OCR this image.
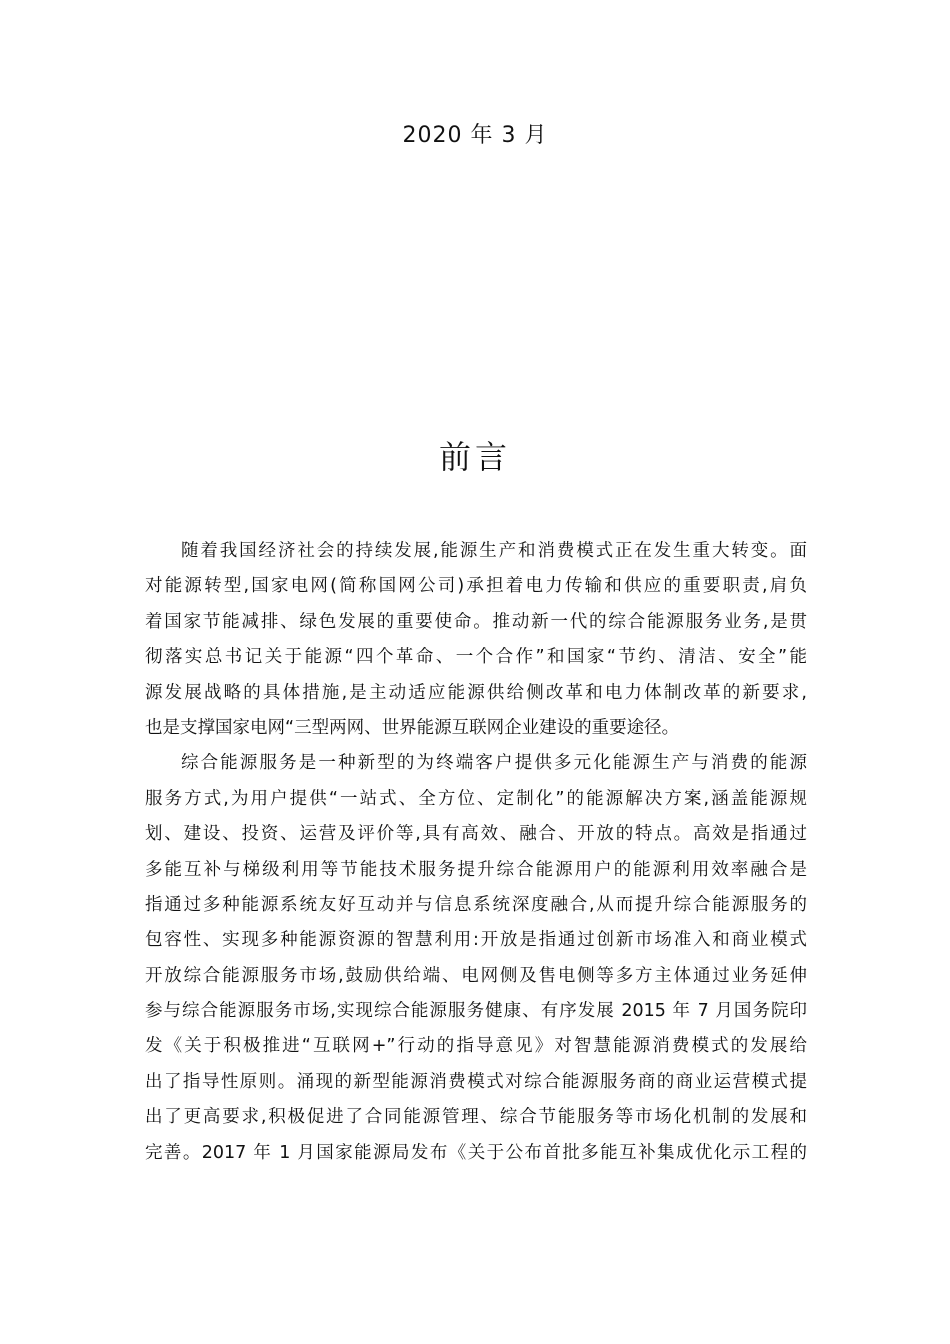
2020 年 3 月
前言
随着我国经济社会的持续发展,能源生产和消费模式正在发生重大转变。面
对能源转型,国家电网(简称国网公司)承担着电力传输和供应的重要职责,肩负
着国家节能减排、绿色发展的重要使命。推动新一代的综合能源服务业务,是贯
彻落实总书记关于能源“四个革命、一个合作”和国家“节约、清洁、安全”能
源发展战略的具体措施,是主动适应能源供给侧改革和电力体制改革的新要求,
也是支撑国家电网“三型两网、世界能源互联网企业建设的重要途径。
综合能源服务是一种新型的为终端客户提供多元化能源生产与消费的能源
服务方式,为用户提供“一站式、全方位、定制化”的能源解决方案,涵盖能源规
划、建设、投资、运营及评价等,具有高效、融合、开放的特点。高效是指通过
多能互补与梯级利用等节能技术服务提升综合能源用户的能源利用效率融合是
指通过多种能源系统友好互动并与信息系统深度融合,从而提升综合能源服务的
包容性、实现多种能源资源的智慧利用:开放是指通过创新市场准入和商业模式
开放综合能源服务市场,鼓励供给端、电网侧及售电侧等多方主体通过业务延伸
参与综合能源服务市场,实现综合能源服务健康、有序发展 2015 年 7 月国务院印
发《关于积极推进“互联网+”行动的指导意见》对智慧能源消费模式的发展给
出了指导性原则。涌现的新型能源消费模式对综合能源服务商的商业运营模式提
出了更高要求,积极促进了合同能源管理、综合节能服务等市场化机制的发展和
完善。2017 年 1 月国家能源局发布《关于公布首批多能互补集成优化示工程的
